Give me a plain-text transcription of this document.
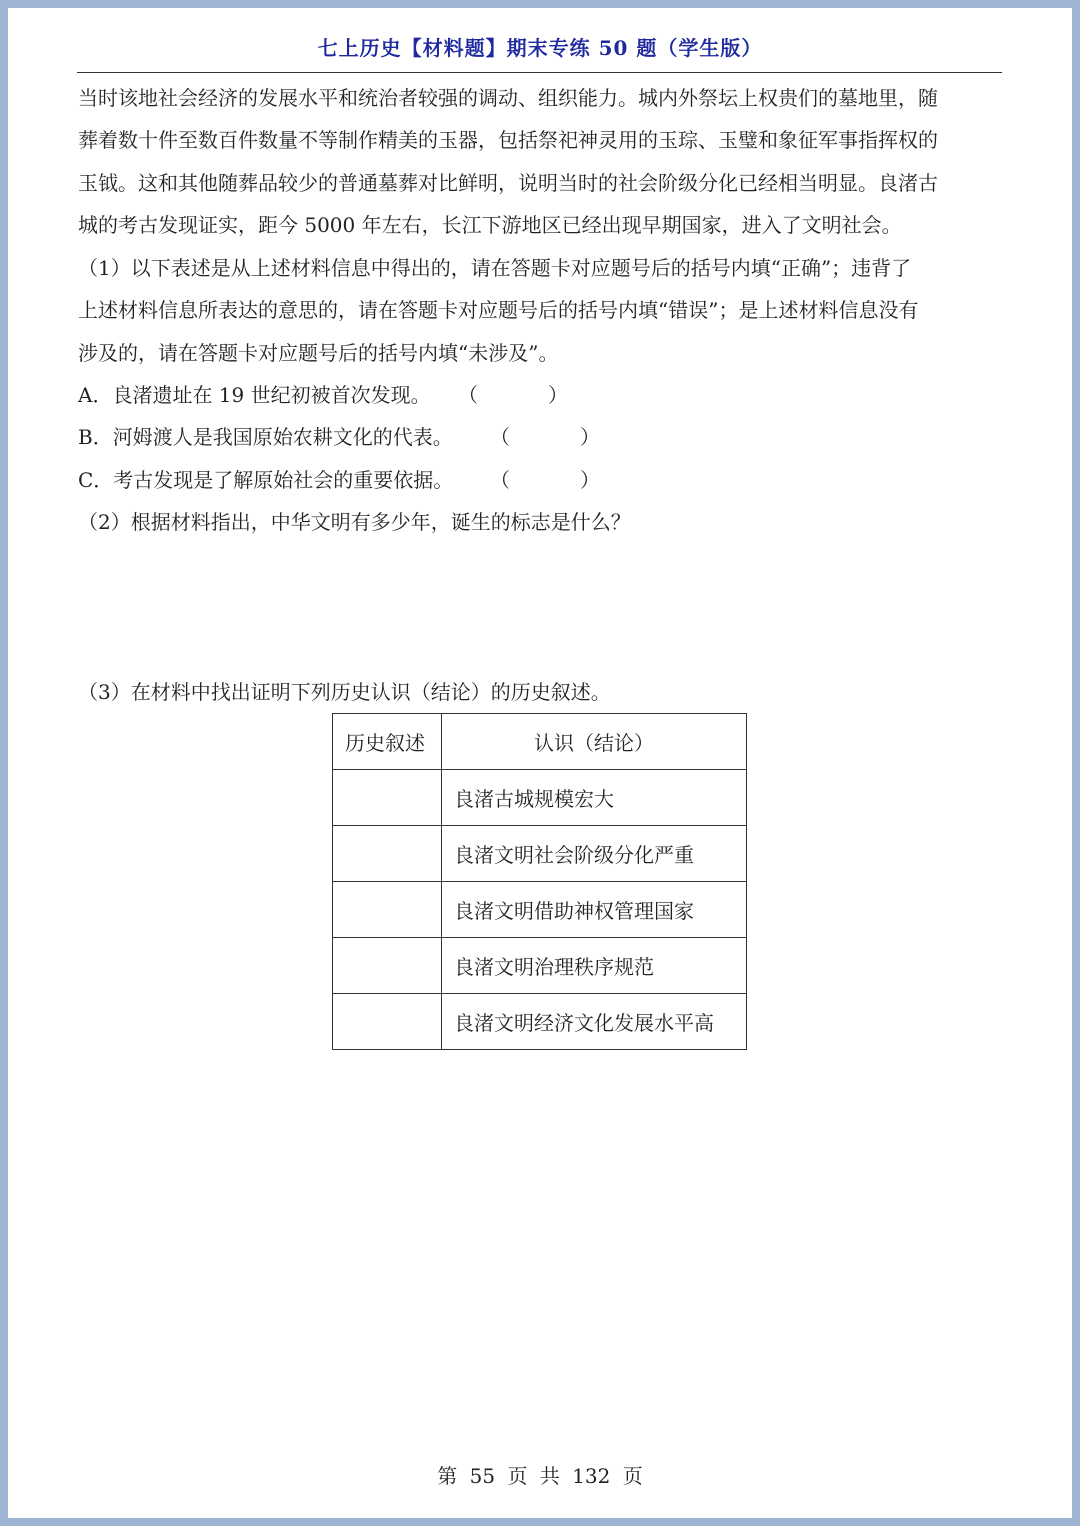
七上历史【材料题】期末专练 50 题（学生版）
当时该地社会经济的发展水平和统治者较强的调动、组织能力。城内外祭坛上权贵们的墓地里，随
葬着数十件至数百件数量不等制作精美的玉器，包括祭祀神灵用的玉琮、玉璧和象征军事指挥权的
玉钺。这和其他随葬品较少的普通墓葬对比鲜明，说明当时的社会阶级分化已经相当明显。良渚古
城的考古发现证实，距今 5000 年左右，长江下游地区已经出现早期国家，进入了文明社会。
（1）以下表述是从上述材料信息中得出的，请在答题卡对应题号后的括号内填“正确”；违背了
上述材料信息所表达的意思的，请在答题卡对应题号后的括号内填“错误”；是上述材料信息没有
涉及的，请在答题卡对应题号后的括号内填“未涉及”。
A．良渚遗址在 19 世纪初被首次发现。 （	）
B．河姆渡人是我国原始农耕文化的代表。 （	）
C．考古发现是了解原始社会的重要依据。 （	）
（2）根据材料指出，中华文明有多少年，诞生的标志是什么？
（3）在材料中找出证明下列历史认识（结论）的历史叙述。
历史叙述	认识（结论）
	良渚古城规模宏大
	良渚文明社会阶级分化严重
	良渚文明借助神权管理国家
	良渚文明治理秩序规范
	良渚文明经济文化发展水平高
第 55 页 共 132 页
